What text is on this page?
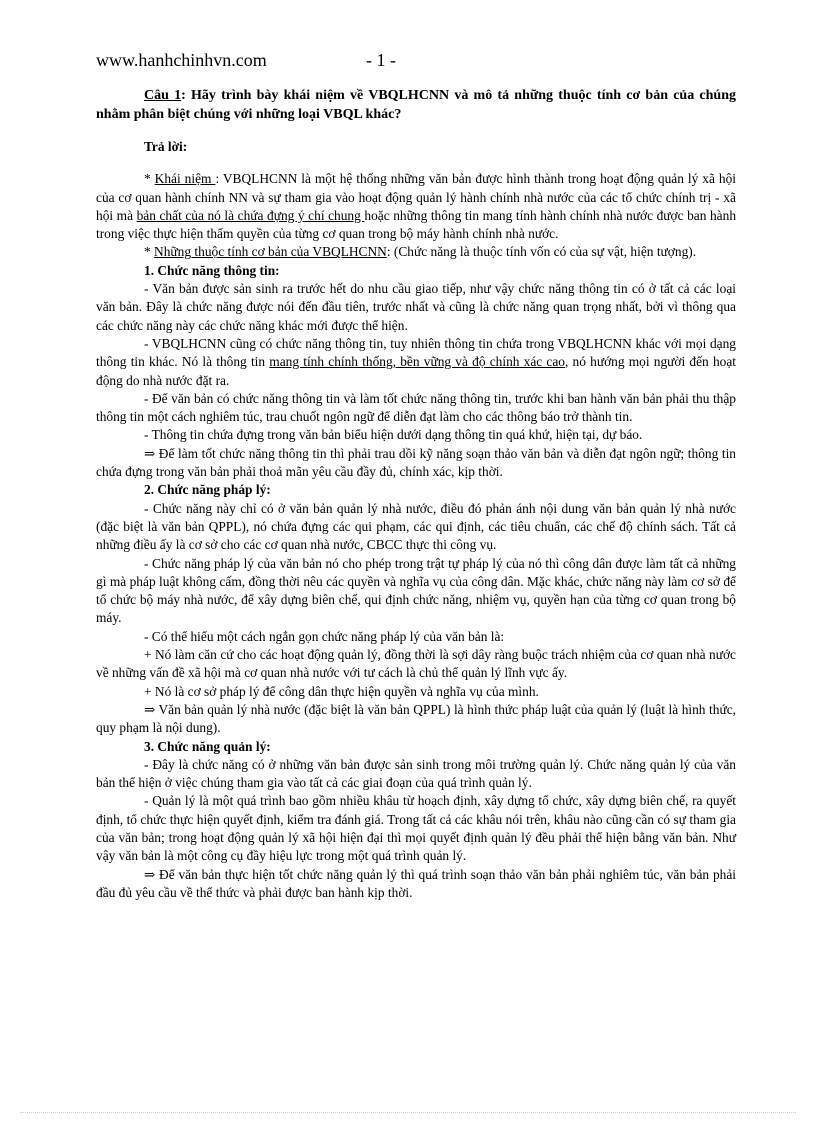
www.hanhchinhvn.com	- 1 -

Câu 1: Hãy trình bày khái niệm về VBQLHCNN và mô tả những thuộc tính cơ bản của chúng nhằm phân biệt chúng với những loại VBQL khác?

Trả lời:

* Khái niệm : VBQLHCNN là một hệ thống những văn bản được hình thành trong hoạt động quản lý xã hội của cơ quan hành chính NN và sự tham gia vào hoạt động quản lý hành chính nhà nước của các tổ chức chính trị - xã hội mà bản chất của nó là chứa đựng ý chí chung hoặc những thông tin mang tính hành chính nhà nước được ban hành trong việc thực hiện thẩm quyền của từng cơ quan trong bộ máy hành chính nhà nước.

* Những thuộc tính cơ bản của VBQLHCNN: (Chức năng là thuộc tính vốn có của sự vật, hiện tượng).

1. Chức năng thông tin:

- Văn bản được sản sinh ra trước hết do nhu cầu giao tiếp, như vậy chức năng thông tin có ở tất cả các loại văn bản. Đây là chức năng được nói đến đầu tiên, trước nhất và cũng là chức năng quan trọng nhất, bởi vì thông qua các chức năng này các chức năng khác mới được thể hiện.

- VBQLHCNN cũng có chức năng thông tin, tuy nhiên thông tin chứa trong VBQLHCNN khác với mọi dạng thông tin khác. Nó là thông tin mang tính chính thống, bền vững và độ chính xác cao, nó hướng mọi người đến hoạt động do nhà nước đặt ra.

- Để văn bản có chức năng thông tin và làm tốt chức năng thông tin, trước khi ban hành văn bản phải thu thập thông tin một cách nghiêm túc, trau chuốt ngôn ngữ để diễn đạt làm cho các thông báo trở thành tin.

- Thông tin chứa đựng trong văn bản biểu hiện dưới dạng thông tin quá khứ, hiện tại, dự báo.

⇒ Để làm tốt chức năng thông tin thì phải trau dồi kỹ năng soạn thảo văn bản và diễn đạt ngôn ngữ; thông tin chứa đựng trong văn bản phải thoả mãn yêu cầu đầy đủ, chính xác, kịp thời.

2. Chức năng pháp lý:

- Chức năng này chỉ có ở văn bản quản lý nhà nước, điều đó phản ánh nội dung văn bản quản lý nhà nước (đặc biệt là văn bản QPPL), nó chứa đựng các qui phạm, các qui định, các tiêu chuẩn, các chế độ chính sách. Tất cả những điều ấy là cơ sở cho các cơ quan nhà nước, CBCC thực thi công vụ.

- Chức năng pháp lý của văn bản nó cho phép trong trật tự pháp lý của nó thì công dân được làm tất cả những gì mà pháp luật không cấm, đồng thời nêu các quyền và nghĩa vụ của công dân. Mặc khác, chức năng này làm cơ sở để tổ chức bộ máy nhà nước, để xây dựng biên chế, qui định chức năng, nhiệm vụ, quyền hạn của từng cơ quan trong bộ máy.

- Có thể hiểu một cách ngắn gọn chức năng pháp lý của văn bản là:

+ Nó làm căn cứ cho các hoạt động quản lý, đồng thời là sợi dây ràng buộc trách nhiệm của cơ quan nhà nước về những vấn đề xã hội mà cơ quan nhà nước với tư cách là chủ thể quản lý lĩnh vực ấy.

+ Nó là cơ sở pháp lý để công dân thực hiện quyền và nghĩa vụ của mình.

⇒ Văn bản quản lý nhà nước (đặc biệt là văn bản QPPL) là hình thức pháp luật của quản lý (luật là hình thức, quy phạm là nội dung).

3. Chức năng quản lý:

- Đây là chức năng có ở những văn bản được sản sinh trong môi trường quản lý. Chức năng quản lý của văn bản thể hiện ở việc chúng tham gia vào tất cả các giai đoạn của quá trình quản lý.

- Quản lý là một quá trình bao gồm nhiều khâu từ hoạch định, xây dựng tổ chức, xây dựng biên chế, ra quyết định, tổ chức thực hiện quyết định, kiểm tra đánh giá. Trong tất cả các khâu nói trên, khâu nào cũng cần có sự tham gia của văn bản; trong hoạt động quản lý xã hội hiện đại thì mọi quyết định quản lý đều phải thể hiện bằng văn bản. Như vậy văn bản là một công cụ đầy hiệu lực trong một quá trình quản lý.

⇒ Để văn bản thực hiện tốt chức năng quản lý thì quá trình soạn thảo văn bản phải nghiêm túc, văn bản phải đầu đủ yêu cầu về thể thức và phải được ban hành kịp thời.
